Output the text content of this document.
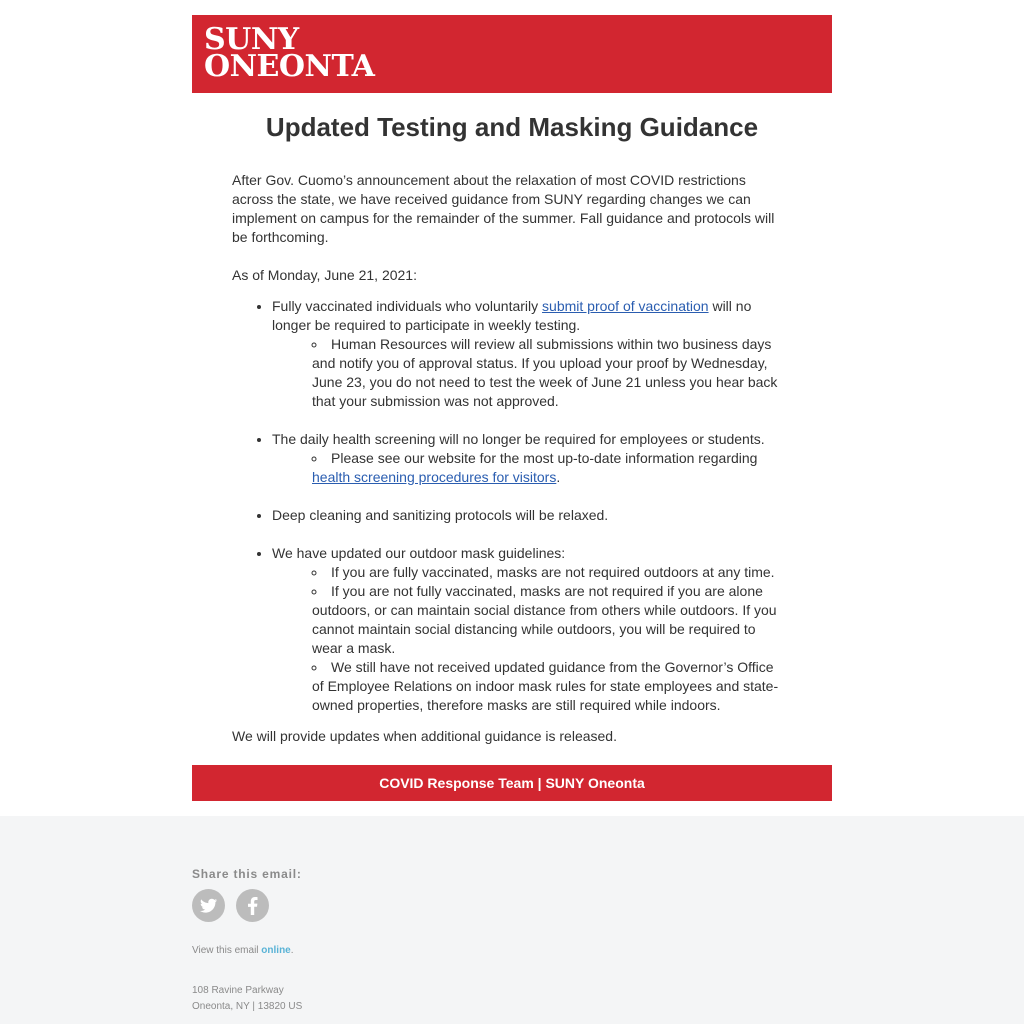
SUNY
ONEONTA
Updated Testing and Masking Guidance

After Gov. Cuomo’s announcement about the relaxation of most COVID restrictions across the state, we have received guidance from SUNY regarding changes we can implement on campus for the remainder of the summer. Fall guidance and protocols will be forthcoming.

As of Monday, June 21, 2021:

• Fully vaccinated individuals who voluntarily submit proof of vaccination will no longer be required to participate in weekly testing.
◦ Human Resources will review all submissions within two business days and notify you of approval status. If you upload your proof by Wednesday, June 23, you do not need to test the week of June 21 unless you hear back that your submission was not approved.
• The daily health screening will no longer be required for employees or students.
◦ Please see our website for the most up-to-date information regarding health screening procedures for visitors.
• Deep cleaning and sanitizing protocols will be relaxed.
• We have updated our outdoor mask guidelines:
◦ If you are fully vaccinated, masks are not required outdoors at any time.
◦ If you are not fully vaccinated, masks are not required if you are alone outdoors, or can maintain social distance from others while outdoors. If you cannot maintain social distancing while outdoors, you will be required to wear a mask.
◦ We still have not received updated guidance from the Governor’s Office of Employee Relations on indoor mask rules for state employees and state-owned properties, therefore masks are still required while indoors.

We will provide updates when additional guidance is released.

COVID Response Team | SUNY Oneonta
Share this email:
View this email online.
108 Ravine Parkway
Oneonta, NY | 13820 US
